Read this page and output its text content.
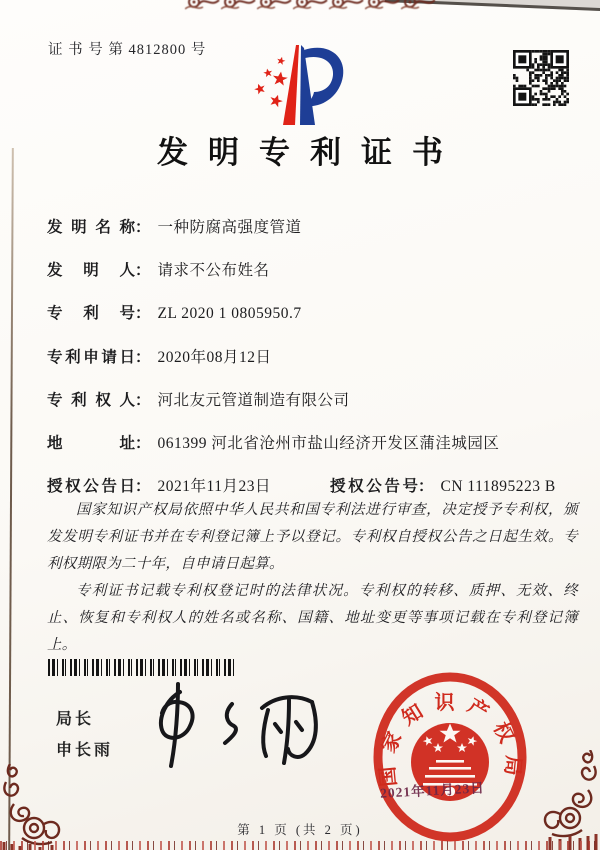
证 书 号 第 4812800 号
发明专利证书
发明名称： 一种防腐高强度管道
发明人： 请求不公布姓名
专利号： ZL 2020 1 0805950.7
专利申请日： 2020年08月12日
专利权人： 河北友元管道制造有限公司
地址： 061399 河北省沧州市盐山经济开发区蒲洼城园区
授权公告日： 2021年11月23日	授权公告号： CN 111895223 B

国家知识产权局依照中华人民共和国专利法进行审查，决定授予专利权，颁发发明专利证书并在专利登记簿上予以登记。专利权自授权公告之日起生效。专利权期限为二十年，自申请日起算。

专利证书记载专利权登记时的法律状况。专利权的转移、质押、无效、终止、恢复和专利权人的姓名或名称、国籍、地址变更等事项记载在专利登记簿上。

局长
申长雨
国家知识产权局
2021年11月23日
第 1 页 (共 2 页)
